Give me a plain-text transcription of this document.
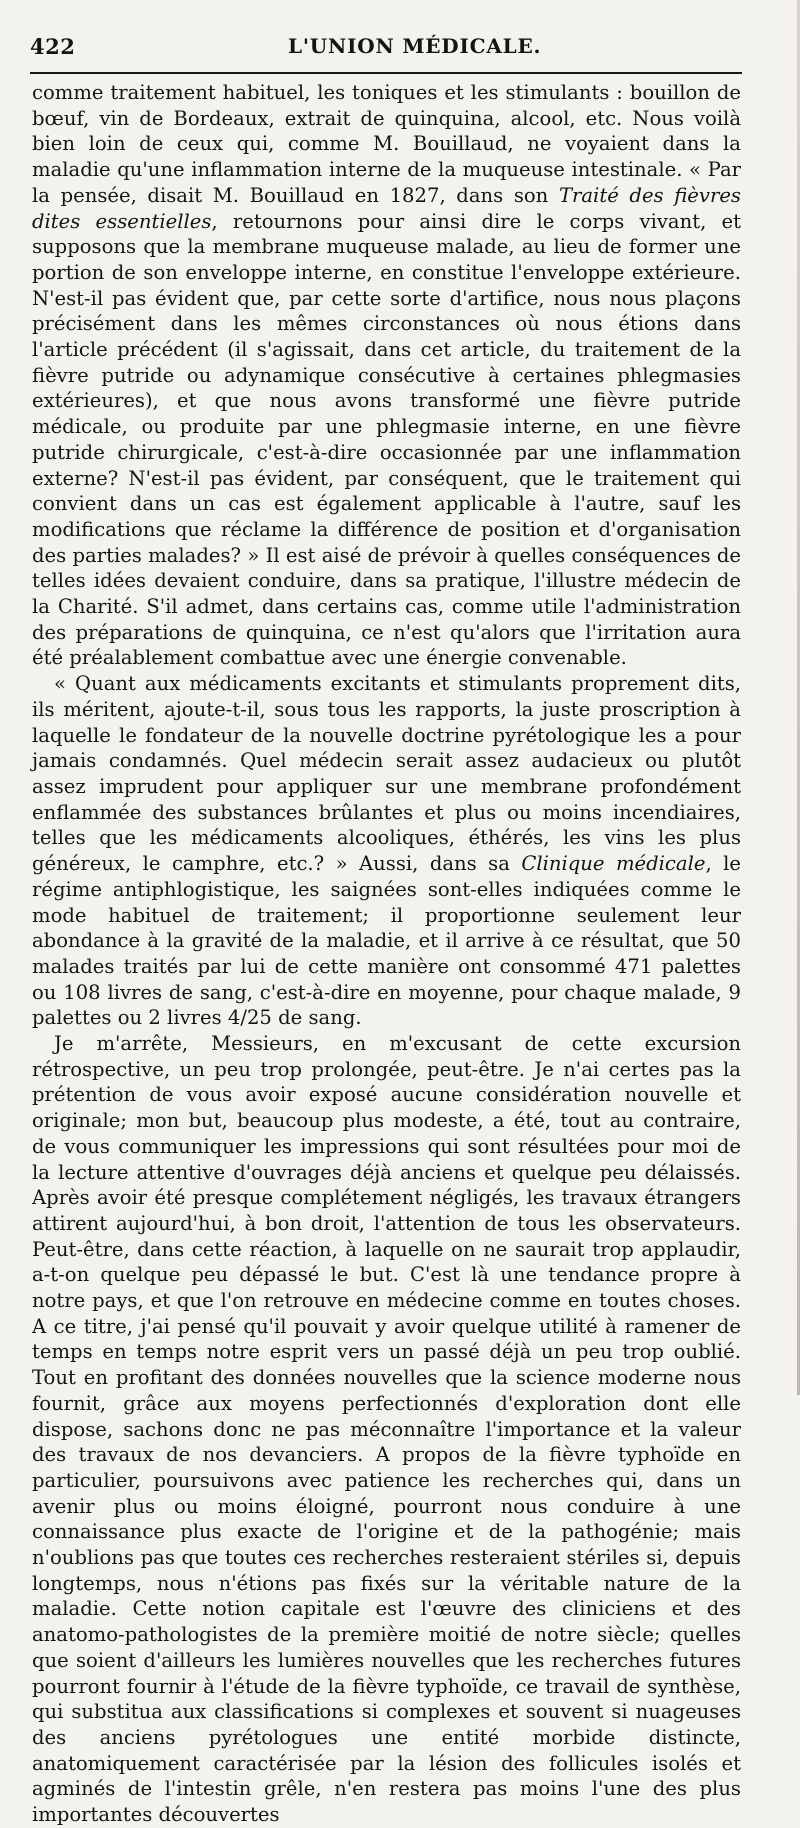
422	L'UNION MÉDICALE.

comme traitement habituel, les toniques et les stimulants : bouillon de bœuf, vin de Bordeaux, extrait de quinquina, alcool, etc. Nous voilà bien loin de ceux qui, comme M. Bouillaud, ne voyaient dans la maladie qu'une inflammation interne de la muqueuse intestinale. « Par la pensée, disait M. Bouillaud en 1827, dans son Traité des fièvres dites essentielles, retournons pour ainsi dire le corps vivant, et supposons que la membrane muqueuse malade, au lieu de former une portion de son enveloppe interne, en constitue l'enveloppe extérieure. N'est-il pas évident que, par cette sorte d'artifice, nous nous plaçons précisément dans les mêmes circonstances où nous étions dans l'article précédent (il s'agissait, dans cet article, du traitement de la fièvre putride ou adynamique consécutive à certaines phlegmasies extérieures), et que nous avons transformé une fièvre putride médicale, ou produite par une phlegmasie interne, en une fièvre putride chirurgicale, c'est-à-dire occasionnée par une inflammation externe? N'est-il pas évident, par conséquent, que le traitement qui convient dans un cas est également applicable à l'autre, sauf les modifications que réclame la différence de position et d'organisation des parties malades? » Il est aisé de prévoir à quelles conséquences de telles idées devaient conduire, dans sa pratique, l'illustre médecin de la Charité. S'il admet, dans certains cas, comme utile l'administration des préparations de quinquina, ce n'est qu'alors que l'irritation aura été préalablement combattue avec une énergie convenable.

« Quant aux médicaments excitants et stimulants proprement dits, ils méritent, ajoute-t-il, sous tous les rapports, la juste proscription à laquelle le fondateur de la nouvelle doctrine pyrétologique les a pour jamais condamnés. Quel médecin serait assez audacieux ou plutôt assez imprudent pour appliquer sur une membrane profondément enflammée des substances brûlantes et plus ou moins incendiaires, telles que les médicaments alcooliques, éthérés, les vins les plus généreux, le camphre, etc.? » Aussi, dans sa Clinique médicale, le régime antiphlogistique, les saignées sont-elles indiquées comme le mode habituel de traitement; il proportionne seulement leur abondance à la gravité de la maladie, et il arrive à ce résultat, que 50 malades traités par lui de cette manière ont consommé 471 palettes ou 108 livres de sang, c'est-à-dire en moyenne, pour chaque malade, 9 palettes ou 2 livres 4/25 de sang.

Je m'arrête, Messieurs, en m'excusant de cette excursion rétrospective, un peu trop prolongée, peut-être. Je n'ai certes pas la prétention de vous avoir exposé aucune considération nouvelle et originale; mon but, beaucoup plus modeste, a été, tout au contraire, de vous communiquer les impressions qui sont résultées pour moi de la lecture attentive d'ouvrages déjà anciens et quelque peu délaissés. Après avoir été presque complétement négligés, les travaux étrangers attirent aujourd'hui, à bon droit, l'attention de tous les observateurs. Peut-être, dans cette réaction, à laquelle on ne saurait trop applaudir, a-t-on quelque peu dépassé le but. C'est là une tendance propre à notre pays, et que l'on retrouve en médecine comme en toutes choses. A ce titre, j'ai pensé qu'il pouvait y avoir quelque utilité à ramener de temps en temps notre esprit vers un passé déjà un peu trop oublié. Tout en profitant des données nouvelles que la science moderne nous fournit, grâce aux moyens perfectionnés d'exploration dont elle dispose, sachons donc ne pas méconnaître l'importance et la valeur des travaux de nos devanciers. A propos de la fièvre typhoïde en particulier, poursuivons avec patience les recherches qui, dans un avenir plus ou moins éloigné, pourront nous conduire à une connaissance plus exacte de l'origine et de la pathogénie; mais n'oublions pas que toutes ces recherches resteraient stériles si, depuis longtemps, nous n'étions pas fixés sur la véritable nature de la maladie. Cette notion capitale est l'œuvre des cliniciens et des anatomo-pathologistes de la première moitié de notre siècle; quelles que soient d'ailleurs les lumières nouvelles que les recherches futures pourront fournir à l'étude de la fièvre typhoïde, ce travail de synthèse, qui substitua aux classifications si complexes et souvent si nuageuses des anciens pyrétologues une entité morbide distincte, anatomiquement caractérisée par la lésion des follicules isolés et agminés de l'intestin grêle, n'en restera pas moins l'une des plus importantes découvertes
